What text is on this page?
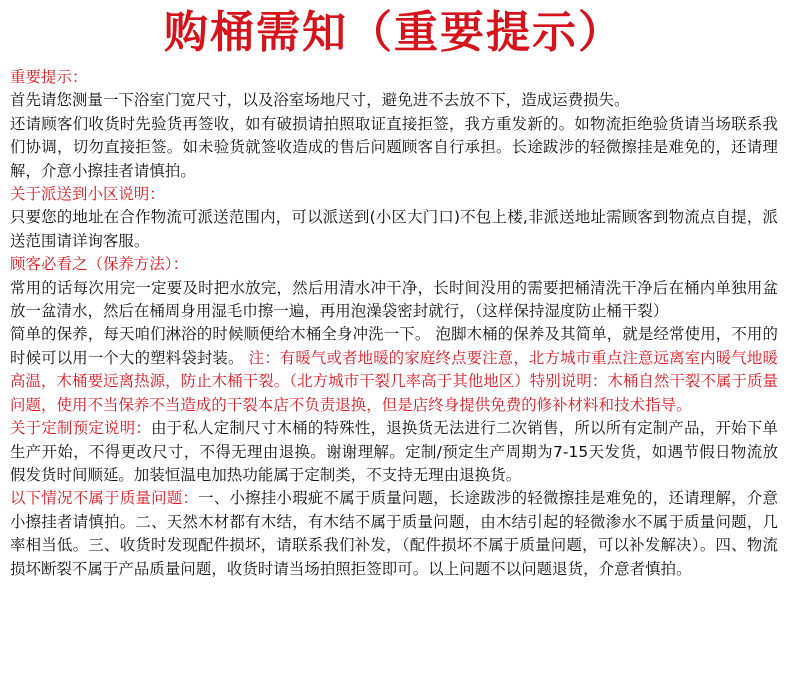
购桶需知（重要提示）

重要提示：

首先请您测量一下浴室门宽尺寸，以及浴室场地尺寸，避免进不去放不下，造成运费损失。

还请顾客们收货时先验货再签收，如有破损请拍照取证直接拒签，我方重发新的。如物流拒绝验货请当场联系我们协调，切勿直接拒签。如未验货就签收造成的售后问题顾客自行承担。长途跋涉的轻微擦挂是难免的，还请理解，介意小擦挂者请慎拍。

关于派送到小区说明：

只要您的地址在合作物流可派送范围内，可以派送到(小区大门口)不包上楼,非派送地址需顾客到物流点自提，派送范围请详询客服。

顾客必看之（保养方法）：

常用的话每次用完一定要及时把水放完，然后用清水冲干净，长时间没用的需要把桶清洗干净后在桶内单独用盆放一盆清水，然后在桶周身用湿毛巾擦一遍，再用泡澡袋密封就行，（这样保持湿度防止桶干裂）

简单的保养，每天咱们淋浴的时候顺便给木桶全身冲洗一下。 泡脚木桶的保养及其简单，就是经常使用，不用的时候可以用一个大的塑料袋封装。 注：有暖气或者地暖的家庭终点要注意，北方城市重点注意远离室内暖气地暖高温，木桶要远离热源，防止木桶干裂。（北方城市干裂几率高于其他地区）特别说明：木桶自然干裂不属于质量问题，使用不当保养不当造成的干裂本店不负责退换，但是店终身提供免费的修补材料和技术指导。

关于定制预定说明：由于私人定制尺寸木桶的特殊性，退换货无法进行二次销售，所以所有定制产品，开始下单生产开始，不得更改尺寸，不得无理由退换。谢谢理解。定制/预定生产周期为7-15天发货，如遇节假日物流放假发货时间顺延。加装恒温电加热功能属于定制类，不支持无理由退换货。

以下情况不属于质量问题：一、小擦挂小瑕疵不属于质量问题，长途跋涉的轻微擦挂是难免的，还请理解，介意小擦挂者请慎拍。二、天然木材都有木结，有木结不属于质量问题，由木结引起的轻微渗水不属于质量问题，几率相当低。三、收货时发现配件损坏，请联系我们补发，（配件损坏不属于质量问题，可以补发解决）。四、物流损坏断裂不属于产品质量问题，收货时请当场拍照拒签即可。以上问题不以问题退货，介意者慎拍。
